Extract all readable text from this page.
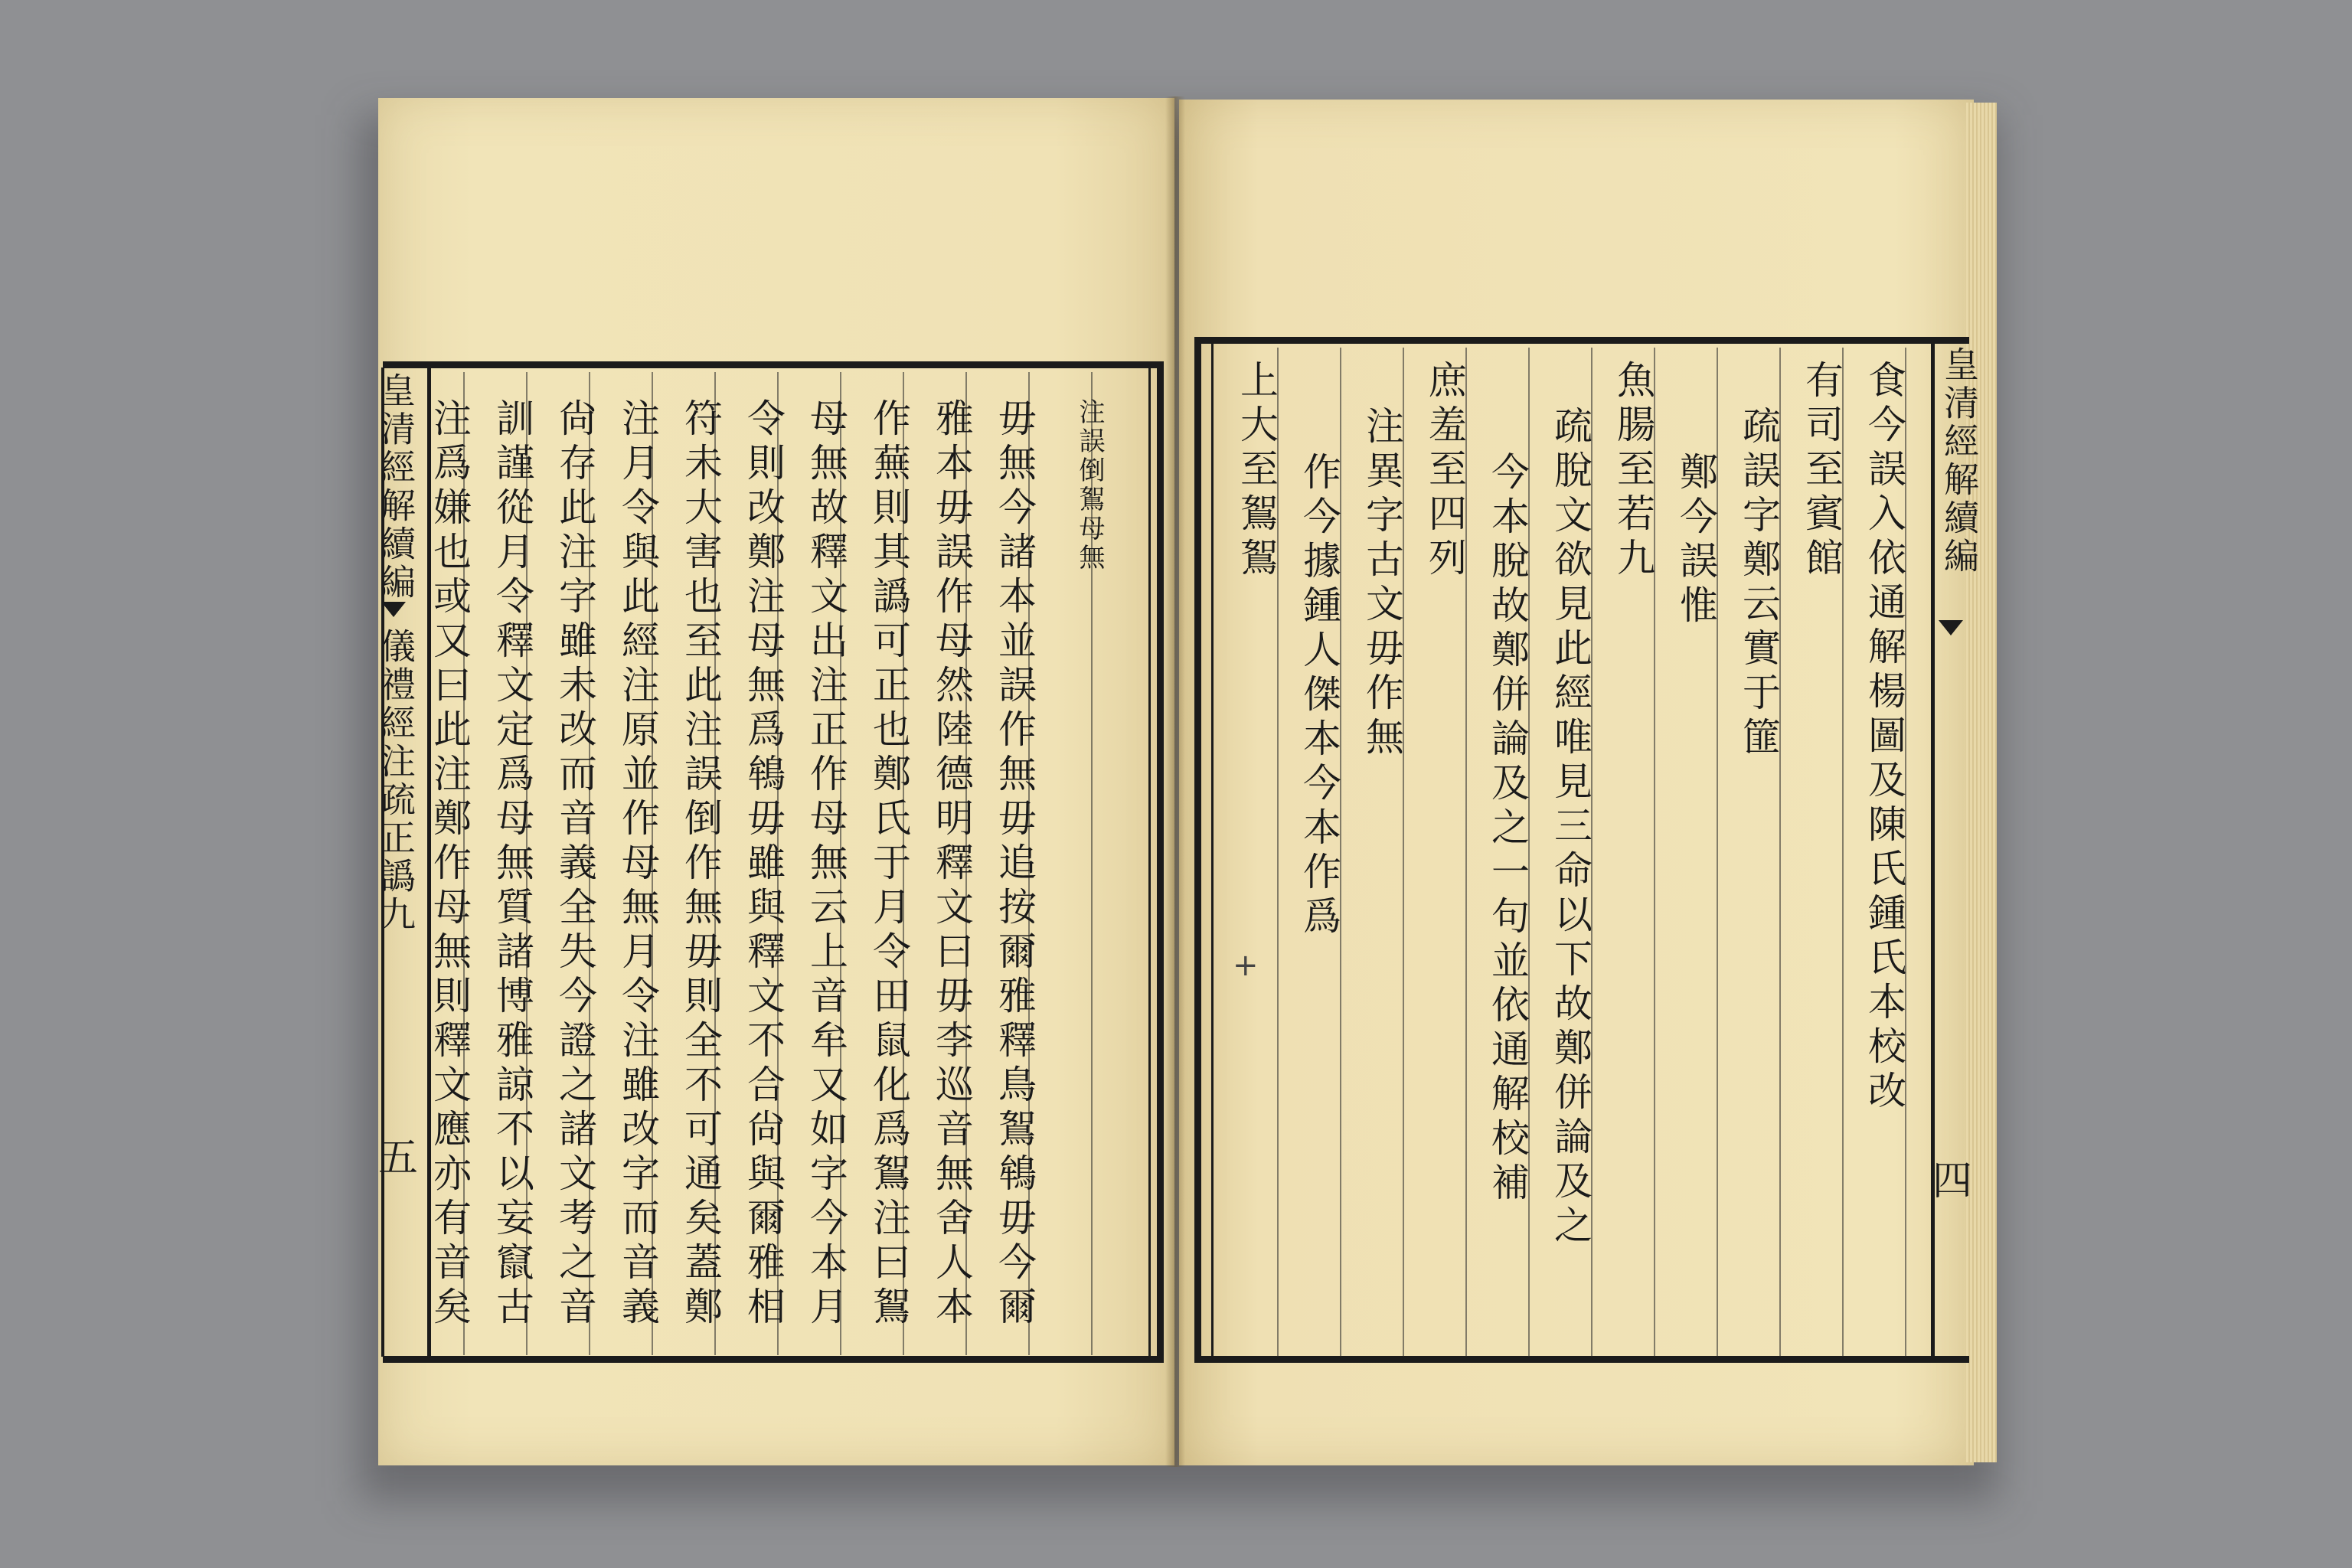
注誤倒鴽母無
毋無今諸本並誤作無毋追按爾雅釋鳥鴽鴾毋今爾
雅本毋誤作母然陸德明釋文曰毋李巡音無舍人本
作蕪則其譌可正也鄭氏于月令田鼠化爲鴽注曰鴽
母無故釋文出注正作母無云上音牟又如字今本月
令則改鄭注母無爲鴾毋雖與釋文不合尙與爾雅相
符未大害也至此注誤倒作無毋則全不可通矣蓋鄭
注月令與此經注原並作母無月令注雖改字而音義
尙存此注字雖未改而音義全失今證之諸文考之音
訓謹從月令釋文定爲母無質諸博雅諒不以妄竄古
注爲嫌也或又曰此注鄭作母無則釋文應亦有音矣
皇清經解續編
儀禮經注疏正譌九
五
食今誤入依通解楊圖及陳氏鍾氏本校改
有司至賓館
疏誤字鄭云實于篚
鄭今誤惟
魚腸至若九
疏脫文欲見此經唯見三命以下故鄭併論及之
今本脫故鄭併論及之一句並依通解校補
庶羞至四列
注異字古文毋作無
作今據鍾人傑本今本作爲
上大至鴽鴽	皇清經解續編
四
+
